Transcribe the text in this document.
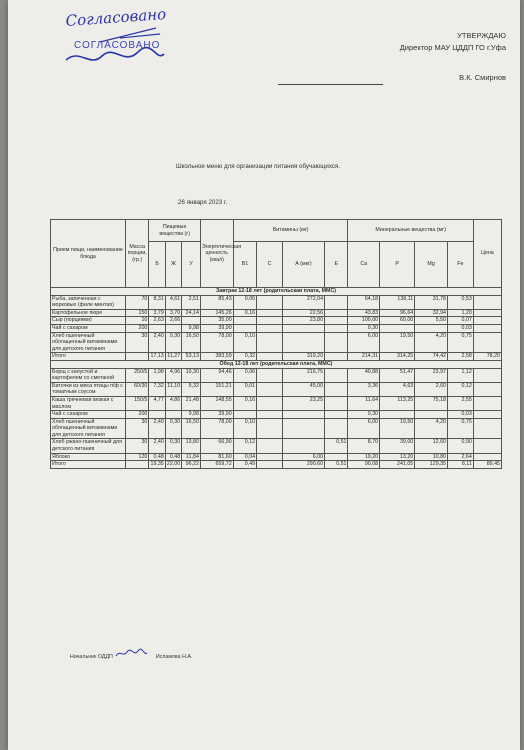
Согласовано
СОГЛАСОВАНО
УТВЕРЖДАЮ
Директор МАУ ЦДДП ГО г.Уфа
В.К. Смирнов
Школьное меню для организации питания обучающихся.
26 января 2023 г.
Прием пищи, наименование блюда	Масса порции, (гр.)	Пищевые вещества (г)			Энергетическая ценность (ккал)	Витамины (мг)				Минеральные вещества (мг)				Цена
		Б	Ж	У		В1	С	А (мкг)	Е	Са	Р	Mg	Fe	
Завтрак 12-18 лет (родительская плата, ММС)														
Рыба, запеченная с морковью (филе минтая)	70	8,31	4,61	2,51	85,43	0,06		272,04		64,18	138,11	31,78	0,53	
Картофельное пюре	150	3,79	3,70	24,14	145,26	0,16		22,56		43,83	96,64	32,94	1,20	
Сыр (порциями)	10	2,63	2,66		35,00			23,80		100,00	60,00	5,50	0,07	
Чай с сахаром	200			9,98	39,90					0,30			0,03	
Хлеб пшеничный обогащенный витаминами для детского питания	30	2,40	0,30	16,50	78,00	0,10				6,00	19,50	4,20	0,75	
Итого		17,13	11,27	53,13	383,59	0,32		319,20		214,31	314,25	74,42	2,58	78,20
Обед 12-18 лет (родительская плата, ММС)														
Борщ с капустой и картофелем со сметаной	250/5	1,98	4,96	10,30	94,46	0,06		216,75		40,88	51,47	23,97	1,12	
Биточки из мяса птицы п/ф с томатным соусом	60/30	7,32	11,10	5,32	151,21	0,01		45,00		3,36	4,63	2,60	0,12	
Каша гречневая вязкая с маслом	150/5	4,77	4,86	21,48	148,55	0,16		23,25		11,64	113,25	75,18	2,55	
Чай с сахаром	200			9,98	39,90					0,30			0,03	
Хлеб пшеничный обогащенный витаминами для детского питания	30	2,40	0,30	16,50	78,00	0,10				6,00	19,50	4,20	0,75	
Хлеб ржано-пшеничный для детского питания	30	2,40	0,30	13,80	66,90	0,12			0,51	8,70	39,00	12,60	0,90	
Яблоко	120	0,48	0,48	11,84	81,60	0,04		6,00		19,20	13,20	10,80	2,64	
Итого		19,35	22,00	96,22	659,72	0,49		290,60	0,51	90,08	241,05	129,35	8,11	89,45
Начальник ОДДП	Исламова Н.А.
